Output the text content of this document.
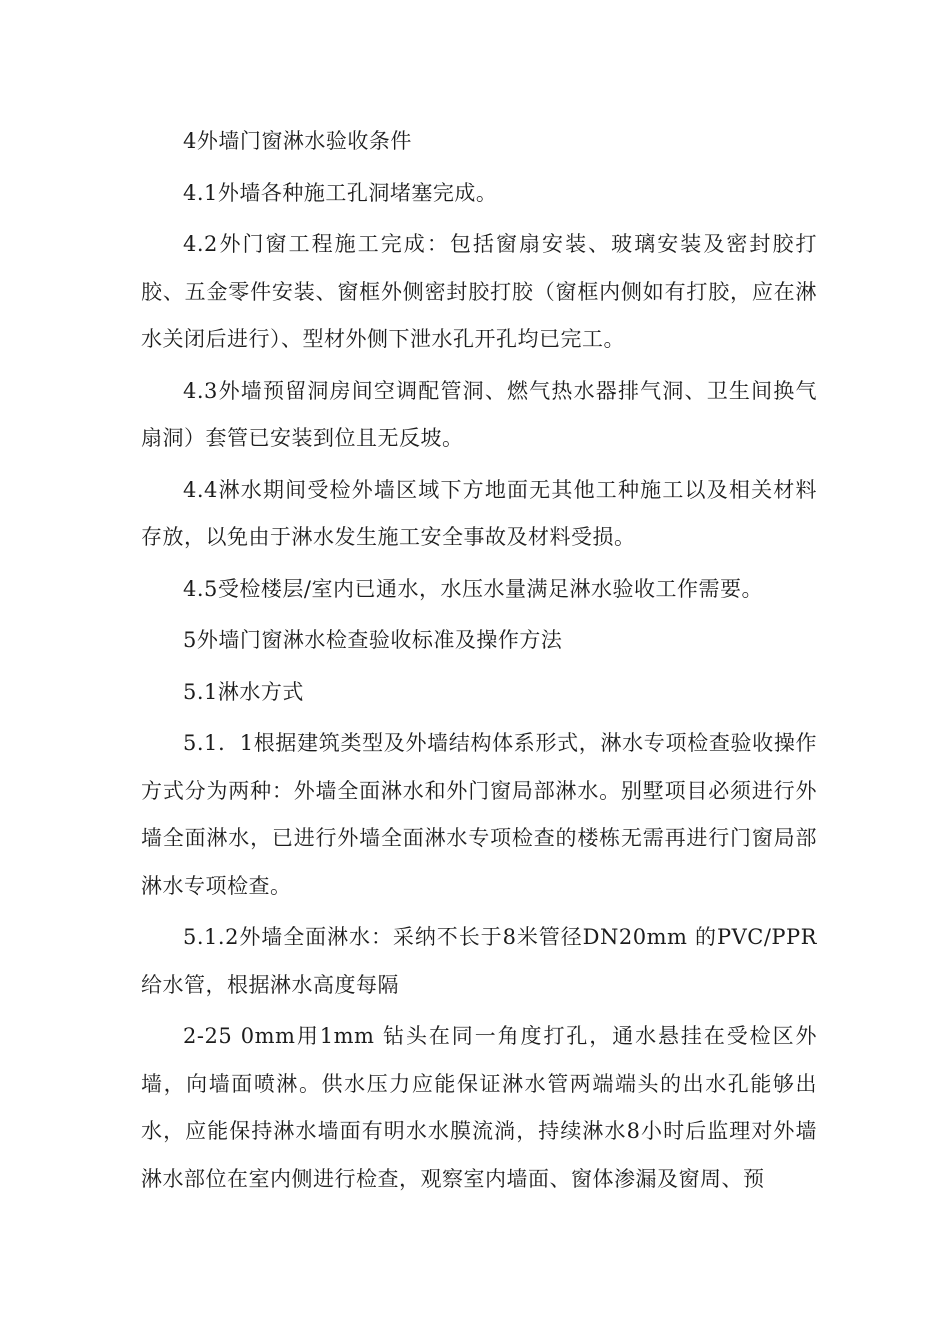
4外墙门窗淋水验收条件

4.1外墙各种施工孔洞堵塞完成。

4.2外门窗工程施工完成：包括窗扇安装、玻璃安装及密封胶打胶、五金零件安装、窗框外侧密封胶打胶（窗框内侧如有打胶，应在淋水关闭后进行）、型材外侧下泄水孔开孔均已完工。

4.3外墙预留洞房间空调配管洞、燃气热水器排气洞、卫生间换气扇洞）套管已安装到位且无反坡。

4.4淋水期间受检外墙区域下方地面无其他工种施工以及相关材料存放，以免由于淋水发生施工安全事故及材料受损。

4.5受检楼层/室内已通水，水压水量满足淋水验收工作需要。

5外墙门窗淋水检查验收标准及操作方法

5.1淋水方式

5.1．1根据建筑类型及外墙结构体系形式，淋水专项检查验收操作方式分为两种：外墙全面淋水和外门窗局部淋水。别墅项目必须进行外墙全面淋水，已进行外墙全面淋水专项检查的楼栋无需再进行门窗局部淋水专项检查。

5.1.2外墙全面淋水：采纳不长于8米管径DN20mm 的PVC/PPR给水管，根据淋水高度每隔

2-25 0mm用1mm 钻头在同一角度打孔，通水悬挂在受检区外墙，向墙面喷淋。供水压力应能保证淋水管两端端头的出水孔能够出水，应能保持淋水墙面有明水水膜流淌，持续淋水8小时后监理对外墙淋水部位在室内侧进行检查，观察室内墙面、窗体渗漏及窗周、预
